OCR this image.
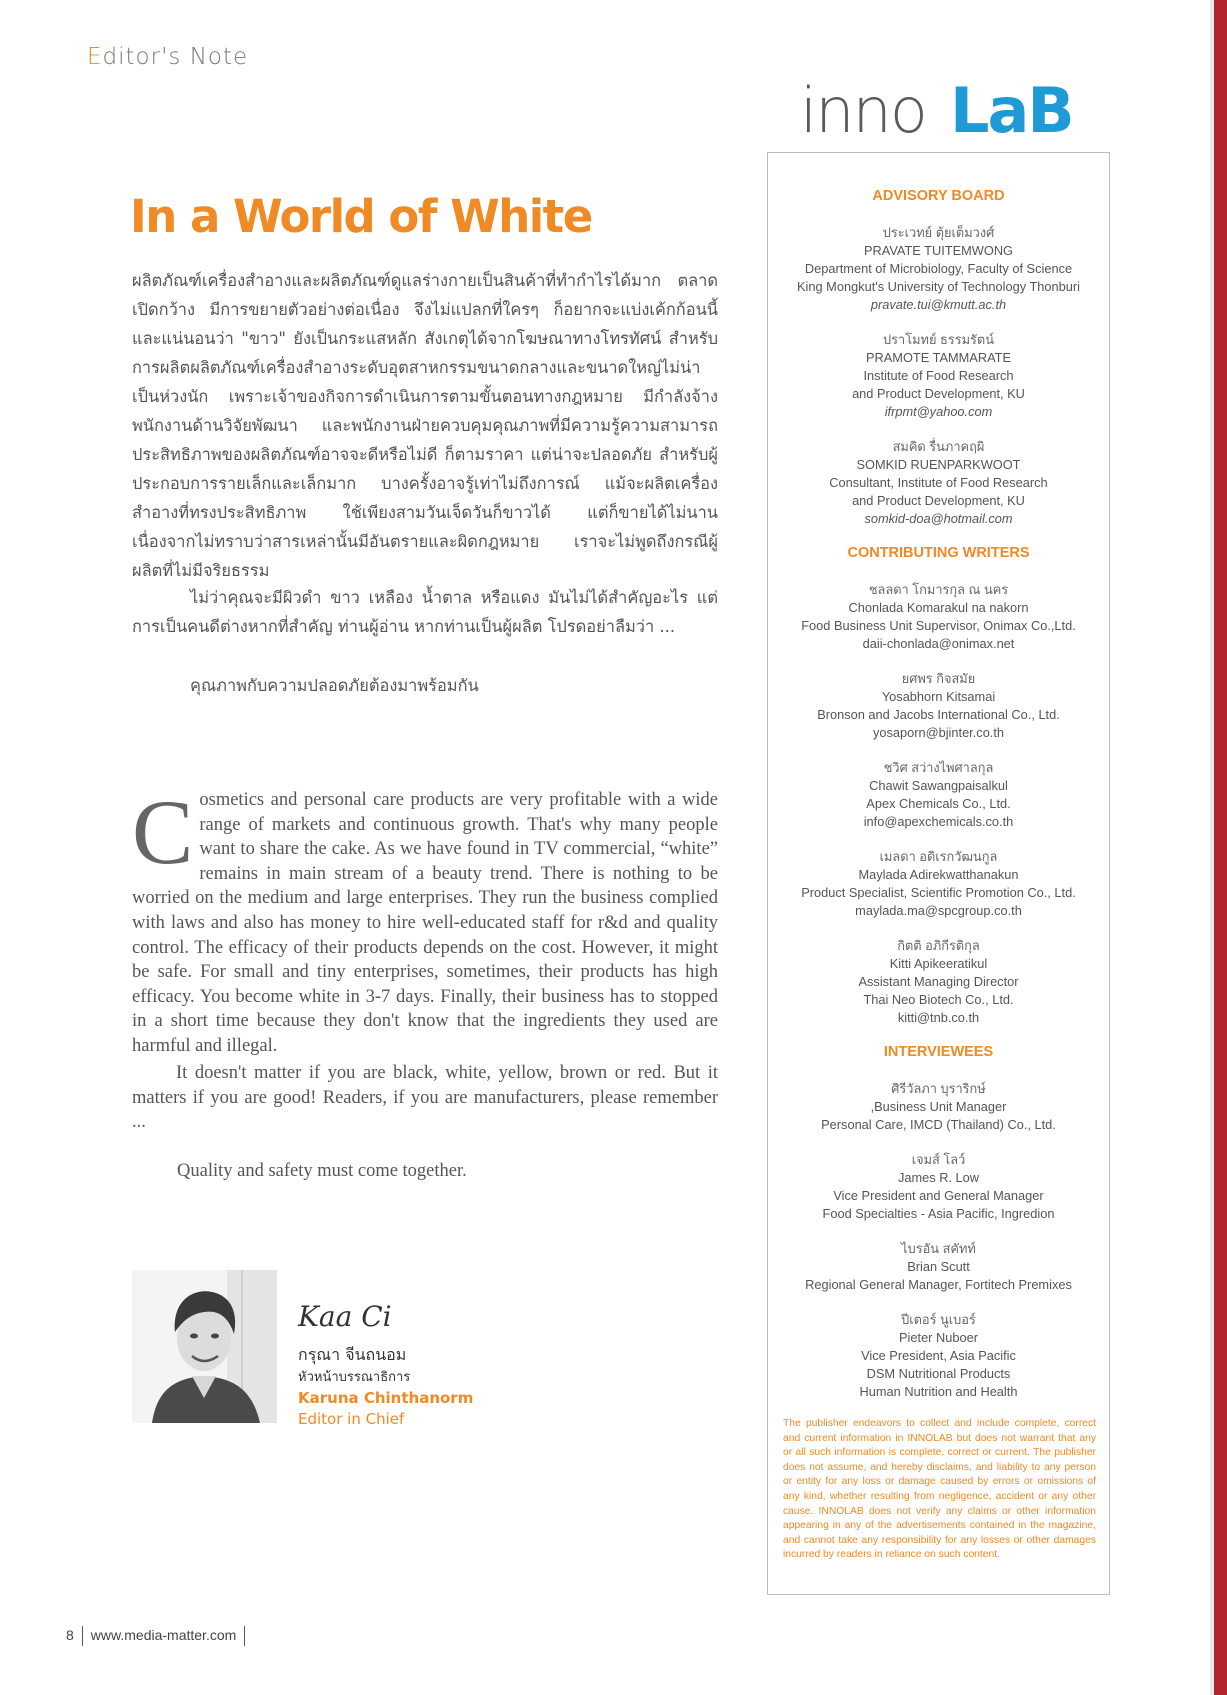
Editor's Note
inno LaB
In a World of White

ผลิตภัณฑ์เครื่องสำอางและผลิตภัณฑ์ดูแลร่างกายเป็นสินค้าที่ทำกำไรได้มาก ตลาดเปิดกว้าง มีการขยายตัวอย่างต่อเนื่อง จึงไม่แปลกที่ใครๆ ก็อยากจะแบ่งเค้กก้อนนี้ และแน่นอนว่า "ขาว" ยังเป็นกระแสหลัก สังเกตุได้จากโฆษณาทางโทรทัศน์ สำหรับการผลิตผลิตภัณฑ์เครื่องสำอางระดับอุตสาหกรรมขนาดกลางและขนาดใหญ่ไม่น่าเป็นห่วงนัก เพราะเจ้าของกิจการดำเนินการตามขั้นตอนทางกฎหมาย มีกำลังจ้างพนักงานด้านวิจัยพัฒนา และพนักงานฝ่ายควบคุมคุณภาพที่มีความรู้ความสามารถ ประสิทธิภาพของผลิตภัณฑ์อาจจะดีหรือไม่ดี ก็ตามราคา แต่น่าจะปลอดภัย สำหรับผู้ประกอบการรายเล็กและเล็กมาก บางครั้งอาจรู้เท่าไม่ถึงการณ์ แม้จะผลิตเครื่องสำอางที่ทรงประสิทธิภาพ ใช้เพียงสามวันเจ็ดวันก็ขาวได้ แต่ก็ขายได้ไม่นาน เนื่องจากไม่ทราบว่าสารเหล่านั้นมีอันตรายและผิดกฎหมาย เราจะไม่พูดถึงกรณีผู้ผลิตที่ไม่มีจริยธรรม

ไม่ว่าคุณจะมีผิวดำ ขาว เหลือง น้ำตาล หรือแดง มันไม่ได้สำคัญอะไร แต่การเป็นคนดีต่างหากที่สำคัญ ท่านผู้อ่าน หากท่านเป็นผู้ผลิต โปรดอย่าลืมว่า ...

คุณภาพกับความปลอดภัยต้องมาพร้อมกัน

Cosmetics and personal care products are very profitable with a wide range of markets and continuous growth. That's why many people want to share the cake. As we have found in TV commercial, “white” remains in main stream of a beauty trend. There is nothing to be worried on the medium and large enterprises. They run the business complied with laws and also has money to hire well-educated staff for r&d and quality control. The efficacy of their products depends on the cost. However, it might be safe. For small and tiny enterprises, sometimes, their products has high efficacy. You become white in 3-7 days. Finally, their business has to stopped in a short time because they don't know that the ingredients they used are harmful and illegal.

It doesn't matter if you are black, white, yellow, brown or red. But it matters if you are good! Readers, if you are manufacturers, please remember ...

Quality and safety must come together.

Kaa Ci
กรุณา จีนถนอม
หัวหน้าบรรณาธิการ
Karuna Chinthanorm
Editor in Chief
ADVISORY BOARD
ประเวทย์ ตุ้ยเต็มวงศ์
PRAVATE TUITEMWONG
Department of Microbiology, Faculty of Science
King Mongkut's University of Technology Thonburi
pravate.tui@kmutt.ac.th
ปราโมทย์ ธรรมรัตน์
PRAMOTE TAMMARATE
Institute of Food Research
and Product Development, KU
ifrpmt@yahoo.com
สมคิด รื่นภาคฤผิ
SOMKID RUENPARKWOOT
Consultant, Institute of Food Research
and Product Development, KU
somkid-doa@hotmail.com
CONTRIBUTING WRITERS
ชลลดา โกมารกุล ณ นคร
Chonlada Komarakul na nakorn
Food Business Unit Supervisor, Onimax Co.,Ltd.
daii-chonlada@onimax.net
ยศพร กิจสมัย
Yosabhorn Kitsamai
Bronson and Jacobs International Co., Ltd.
yosaporn@bjinter.co.th
ชวิศ สว่างไพศาลกุล
Chawit Sawangpaisalkul
Apex Chemicals Co., Ltd.
info@apexchemicals.co.th
เมลดา อดิเรกวัฒนกูล
Maylada Adirekwatthanakun
Product Specialist, Scientific Promotion Co., Ltd.
maylada.ma@spcgroup.co.th
กิตติ อภิกีรติกุล
Kitti Apikeeratikul
Assistant Managing Director
Thai Neo Biotech Co., Ltd.
kitti@tnb.co.th
INTERVIEWEES
ศิรีวัลภา บุราริกษ์
,Business Unit Manager
Personal Care, IMCD (Thailand) Co., Ltd.
เจมส์ โลว์
James R. Low
Vice President and General Manager
Food Specialties - Asia Pacific, Ingredion
ไบรอัน สคัทท์
Brian Scutt
Regional General Manager, Fortitech Premixes
ปีเตอร์ นูเบอร์
Pieter Nuboer
Vice President, Asia Pacific
DSM Nutritional Products
Human Nutrition and Health

The publisher endeavors to collect and include complete, correct and current information in INNOLAB but does not warrant that any or all such information is complete, correct or current. The publisher does not assume, and hereby disclaims, and liability to any person or entity for any loss or damage caused by errors or omissions of any kind, whether resulting from negligence, accident or any other cause. INNOLAB does not verify any claims or other information appearing in any of the advertisements contained in the magazine, and cannot take any responsibility for any losses or other damages incurred by readers in reliance on such content.

8 www.media-matter.com
